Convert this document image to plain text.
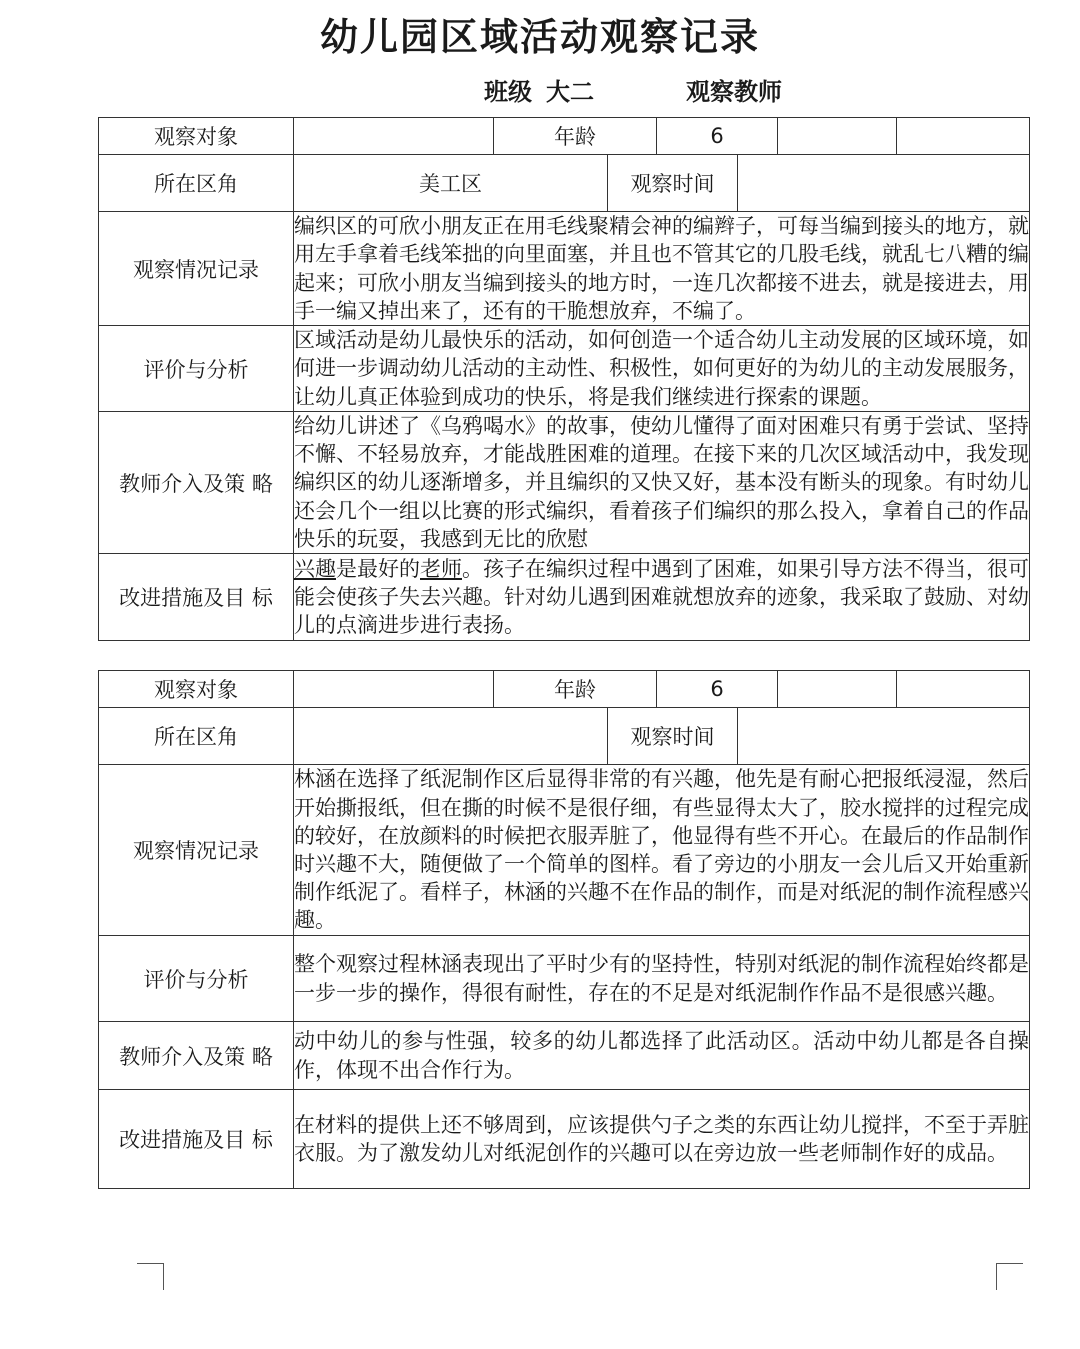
幼儿园区域活动观察记录
班级 大二	观察教师
观察对象		年龄		6			
所在区角	美工区		观察时间				
观察情况记录	编织区的可欣小朋友正在用毛线聚精会神的编辫子，可每当编到接头的地方，就用左手拿着毛线笨拙的向里面塞，并且也不管其它的几股毛线，就乱七八糟的编起来；可欣小朋友当编到接头的地方时，一连几次都接不进去，就是接进去，用手一编又掉出来了，还有的干脆想放弃，不编了。						
评价与分析	区域活动是幼儿最快乐的活动，如何创造一个适合幼儿主动发展的区域环境，如何进一步调动幼儿活动的主动性、积极性，如何更好的为幼儿的主动发展服务，让幼儿真正体验到成功的快乐，将是我们继续进行探索的课题。						
教师介入及策 略	给幼儿讲述了《乌鸦喝水》的故事，使幼儿懂得了面对困难只有勇于尝试、坚持不懈、不轻易放弃，才能战胜困难的道理。在接下来的几次区域活动中，我发现编织区的幼儿逐渐增多，并且编织的又快又好，基本没有断头的现象。有时幼儿还会几个一组以比赛的形式编织，看着孩子们编织的那么投入，拿着自己的作品快乐的玩耍，我感到无比的欣慰						
改进措施及目 标	兴趣是最好的老师。孩子在编织过程中遇到了困难，如果引导方法不得当，很可能会使孩子失去兴趣。针对幼儿遇到困难就想放弃的迹象，我采取了鼓励、对幼儿的点滴进步进行表扬。						
观察对象		年龄		6			
所在区角			观察时间				
观察情况记录	林涵在选择了纸泥制作区后显得非常的有兴趣，他先是有耐心把报纸浸湿，然后开始撕报纸，但在撕的时候不是很仔细，有些显得太大了，胶水搅拌的过程完成的较好，在放颜料的时候把衣服弄脏了，他显得有些不开心。在最后的作品制作时兴趣不大，随便做了一个简单的图样。看了旁边的小朋友一会儿后又开始重新制作纸泥了。看样子，林涵的兴趣不在作品的制作，而是对纸泥的制作流程感兴趣。						
评价与分析	整个观察过程林涵表现出了平时少有的坚持性，特别对纸泥的制作流程始终都是一步一步的操作，得很有耐性，存在的不足是对纸泥制作作品不是很感兴趣。						
教师介入及策 略	动中幼儿的参与性强，较多的幼儿都选择了此活动区。活动中幼儿都是各自操作，体现不出合作行为。						
改进措施及目 标	在材料的提供上还不够周到，应该提供勺子之类的东西让幼儿搅拌，不至于弄脏衣服。为了激发幼儿对纸泥创作的兴趣可以在旁边放一些老师制作好的成品。						
